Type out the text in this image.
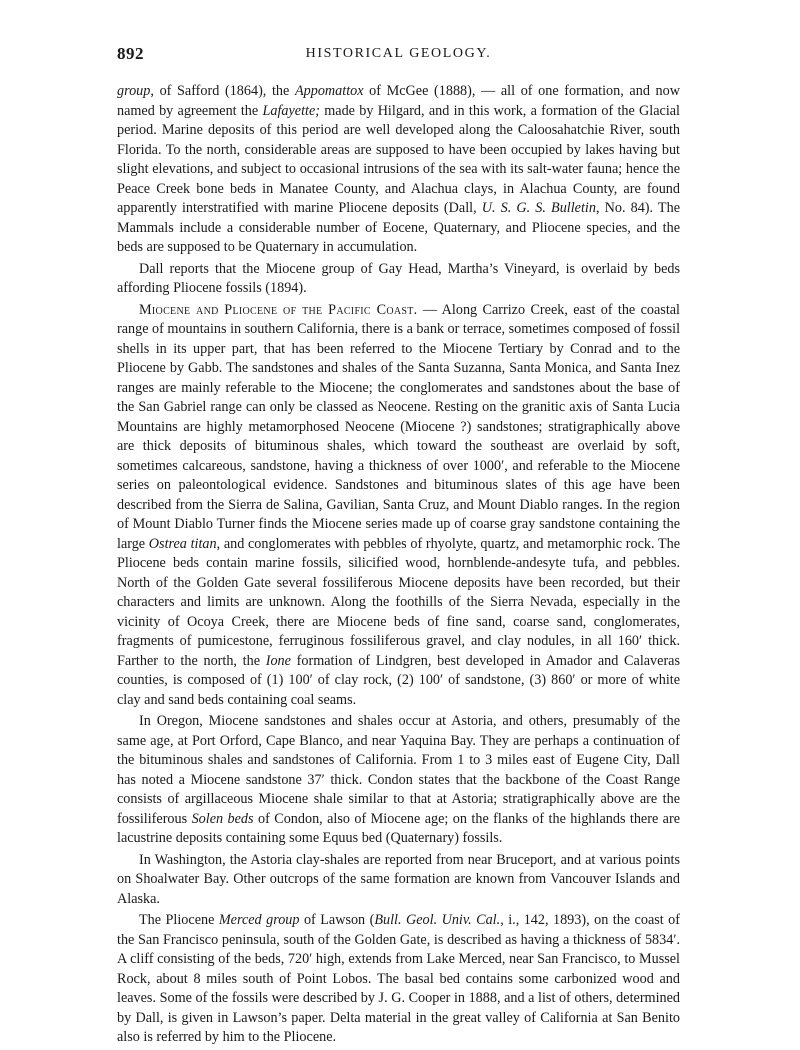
892	HISTORICAL GEOLOGY.

group, of Safford (1864), the Appomattox of McGee (1888), — all of one formation, and now named by agreement the Lafayette; made by Hilgard, and in this work, a formation of the Glacial period. Marine deposits of this period are well developed along the Caloosahatchie River, south Florida. To the north, considerable areas are supposed to have been occupied by lakes having but slight elevations, and subject to occasional intrusions of the sea with its salt-water fauna; hence the Peace Creek bone beds in Manatee County, and Alachua clays, in Alachua County, are found apparently interstratified with marine Pliocene deposits (Dall, U. S. G. S. Bulletin, No. 84). The Mammals include a considerable number of Eocene, Quaternary, and Pliocene species, and the beds are supposed to be Quaternary in accumulation.

Dall reports that the Miocene group of Gay Head, Martha’s Vineyard, is overlaid by beds affording Pliocene fossils (1894).

Miocene and Pliocene of the Pacific Coast. — Along Carrizo Creek, east of the coastal range of mountains in southern California, there is a bank or terrace, sometimes composed of fossil shells in its upper part, that has been referred to the Miocene Tertiary by Conrad and to the Pliocene by Gabb. The sandstones and shales of the Santa Suzanna, Santa Monica, and Santa Inez ranges are mainly referable to the Miocene; the conglomerates and sandstones about the base of the San Gabriel range can only be classed as Neocene. Resting on the granitic axis of Santa Lucia Mountains are highly metamorphosed Neocene (Miocene ?) sandstones; stratigraphically above are thick deposits of bituminous shales, which toward the southeast are overlaid by soft, sometimes calcareous, sandstone, having a thickness of over 1000′, and referable to the Miocene series on paleontological evidence. Sandstones and bituminous slates of this age have been described from the Sierra de Salina, Gavilian, Santa Cruz, and Mount Diablo ranges. In the region of Mount Diablo Turner finds the Miocene series made up of coarse gray sandstone containing the large Ostrea titan, and conglomerates with pebbles of rhyolyte, quartz, and metamorphic rock. The Pliocene beds contain marine fossils, silicified wood, hornblende-andesyte tufa, and pebbles. North of the Golden Gate several fossiliferous Miocene deposits have been recorded, but their characters and limits are unknown. Along the foothills of the Sierra Nevada, especially in the vicinity of Ocoya Creek, there are Miocene beds of fine sand, coarse sand, conglomerates, fragments of pumicestone, ferruginous fossiliferous gravel, and clay nodules, in all 160′ thick. Farther to the north, the Ione formation of Lindgren, best developed in Amador and Calaveras counties, is composed of (1) 100′ of clay rock, (2) 100′ of sandstone, (3) 860′ or more of white clay and sand beds containing coal seams.

In Oregon, Miocene sandstones and shales occur at Astoria, and others, presumably of the same age, at Port Orford, Cape Blanco, and near Yaquina Bay. They are perhaps a continuation of the bituminous shales and sandstones of California. From 1 to 3 miles east of Eugene City, Dall has noted a Miocene sandstone 37′ thick. Condon states that the backbone of the Coast Range consists of argillaceous Miocene shale similar to that at Astoria; stratigraphically above are the fossiliferous Solen beds of Condon, also of Miocene age; on the flanks of the highlands there are lacustrine deposits containing some Equus bed (Quaternary) fossils.

In Washington, the Astoria clay-shales are reported from near Bruceport, and at various points on Shoalwater Bay. Other outcrops of the same formation are known from Vancouver Islands and Alaska.

The Pliocene Merced group of Lawson (Bull. Geol. Univ. Cal., i., 142, 1893), on the coast of the San Francisco peninsula, south of the Golden Gate, is described as having a thickness of 5834′. A cliff consisting of the beds, 720′ high, extends from Lake Merced, near San Francisco, to Mussel Rock, about 8 miles south of Point Lobos. The basal bed contains some carbonized wood and leaves. Some of the fossils were described by J. G. Cooper in 1888, and a list of others, determined by Dall, is given in Lawson’s paper. Delta material in the great valley of California at San Benito also is referred by him to the Pliocene.
